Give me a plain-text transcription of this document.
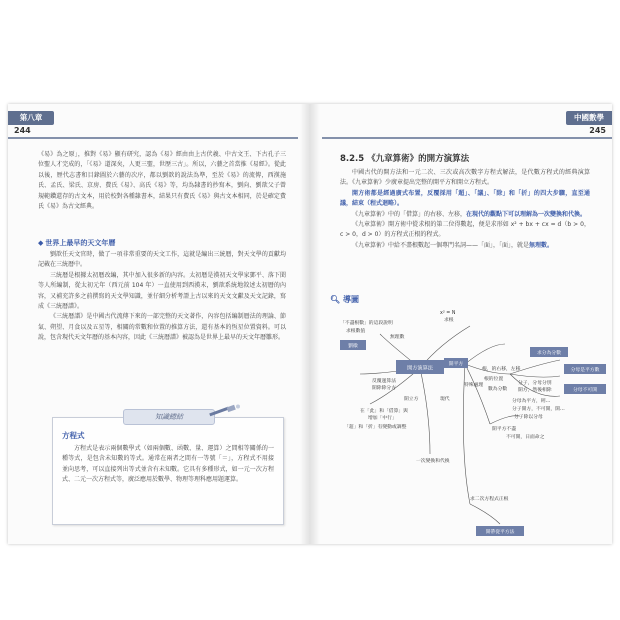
第八章
244

《易》為之原」，推對《易》顯有研究，認為《易》經由由上古伏羲、中古文王、下古孔子三位聖人才完成的，「《易》道深矣，人更三聖，世歷三古」。所以，六藝之首當推《易經》。從此以後，歷代志書和目錄圖於六藝的次序，都以劉歆的說法為準，至於《易》的流傳，西漢施氏、孟氏、梁氏、京房、費氏《易》、高氏《易》等，均為隸書的抄寫本，劉向、劉歆父子曾規範鑽還存的古文本，用於校對各種隸書本，結果只有費氏《易》與古文本相同，於是確定費氏《易》為古文經典。

◆ 世界上最早的天文年曆

劉歆任天文官時，做了一項非常重要的天文工作，這就是編出三統曆，對天文學的貢獻均記載在三統曆中。

三統曆是根據太初曆改編，其中加入很多新的內容。太初曆是漢初天文學家鄧平、落下閎等人所編制，從太初元年（西元前 104 年）一直使用到西漢末，劉歆系統地敘述太初曆的內容，又補充許多之前撰寫的天文學知識，並仔細分析考證上古以來的天文文獻及天文記錄，寫成《三統曆譜》。

《三統曆譜》是中國古代流傳下來的一部完整的天文著作，內容包括編制曆法的理論、節氣、朔望、月食以及五星等，相關的常數和位置的推算方法，還有基本的恆星位置資料。可以說，包含現代天文年曆的基本內容，因此《三統曆譜》被認為是世界上最早的天文年曆雛形。

知識總結
方程式

方程式是表示兩個數學式（如兩個數、函數、量、運算）之間相等關係的一種等式，是包含未知數的等式。通常在兩者之間有一等號「＝」，方程式不用接並向思考，可以直接列出等式並含有未知數。它具有多種形式，如一元一次方程式、二元一次方程式等，廣泛應用於數學、物理等理科應用題運算。

中國數學
245
8.2.5 《九章算術》的開方演算法

中國古代的開方法和一元二次、三次或高次數字方程式解法，是代數方程式的經典演算法。《九章算術》少廣章提出完整的開平方和開立方程式。

開方術都是經過廣式布置，反覆採用「超」、「議」、「除」和「折」的四大步驟，直至通議，結束（程式迴略）。

《九章算術》中的「借算」的右移、左移，在現代的觀點下可以理解為一次變換和代換。

《九章算術》開方術中從求根的第二位得數起，便是求形如 x² + bx + cx = d（b > 0，c > 0，d > 0）的方程式正根的程式。

《九章算術》中給不盡根數起一個專門名詞——「面」，「面」，就是無理數。

🔍︎ 導圖
開方演算法
劉徽
求分為分數
分母是平方數
分母不可開
開帶從平方法
開平方
「不盡根數」的這段說明
求根數值
無理數
x² = N
求根
反覆運算法
開除除分方
在「此」和「借算」與
增加「中行」
「超」和「折」有變動或調整
開立方
特殊處理
現代
一次變換和代換
根，的右移，左移
根的位置
數為分數
分子，分母分別
開方，然後相除
分母為平方，則…
分子開方，不可開，開…
分子除以分母
開平方不盡
不可開，日面命之
求二次方程式正根
